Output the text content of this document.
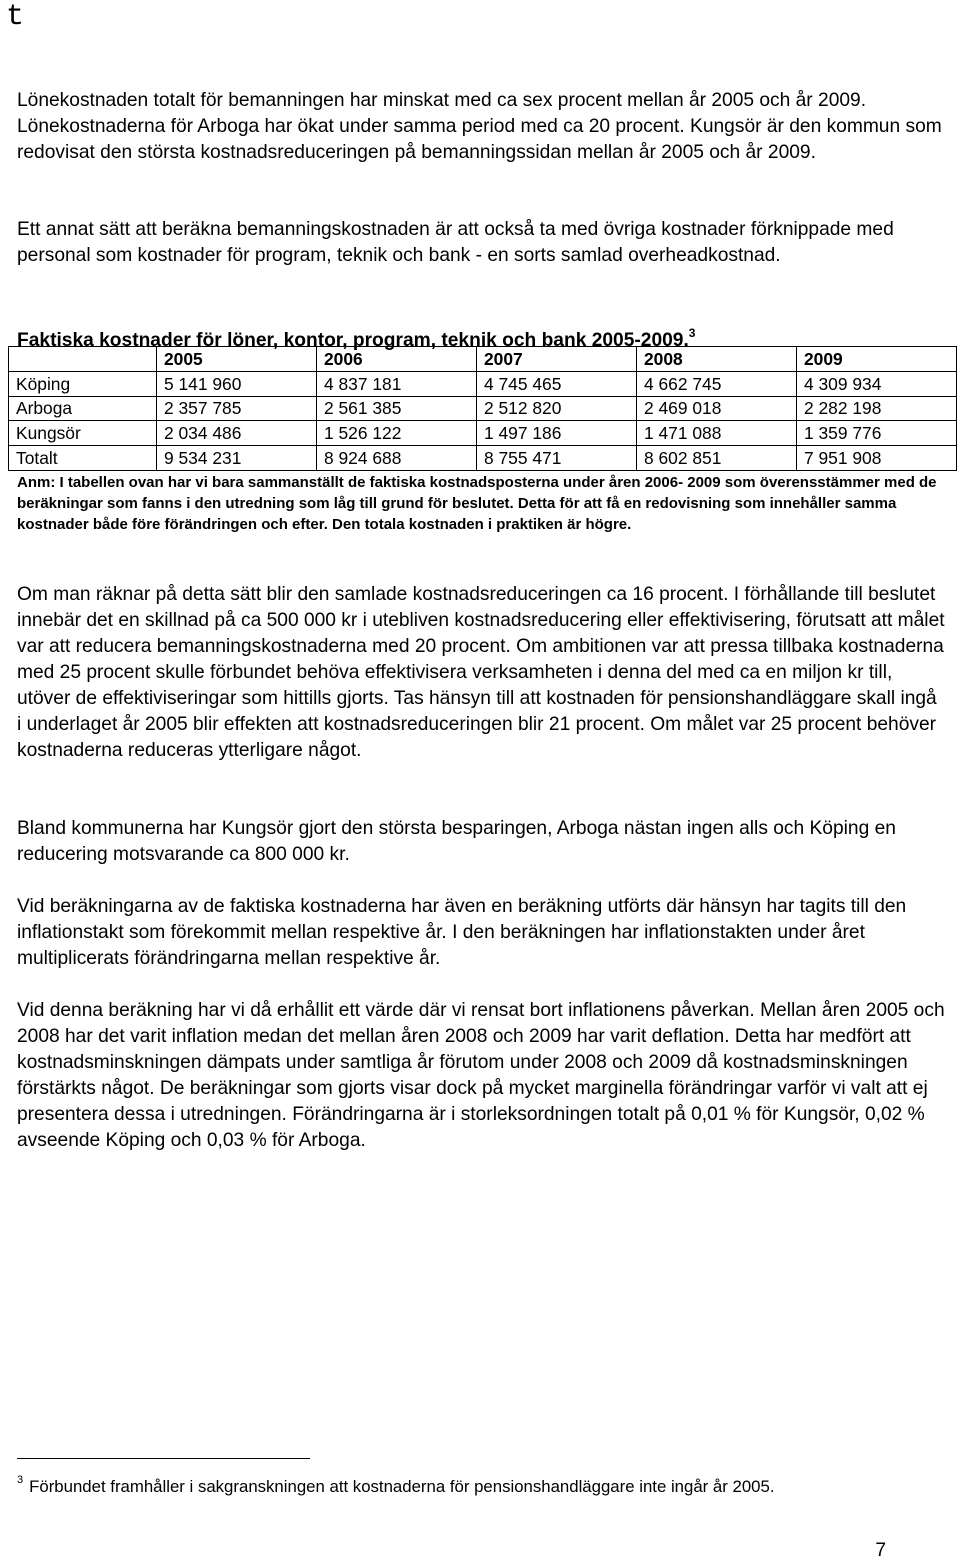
t

Lönekostnaden totalt för bemanningen har minskat med ca sex procent mellan år 2005 och år 2009. Lönekostnaderna för Arboga har ökat under samma period med ca 20 procent. Kungsör är den kommun som redovisat den största kostnadsreduceringen på bemanningssidan mellan år 2005 och år 2009.

Ett annat sätt att beräkna bemanningskostnaden är att också ta med övriga kostnader förknippade med personal som kostnader för program, teknik och bank - en sorts samlad overheadkostnad.

Faktiska kostnader för löner, kontor, program, teknik och bank 2005-2009.$^3$

	2005	2006	2007	2008	2009
Köping	5 141 960	4 837 181	4 745 465	4 662 745	4 309 934
Arboga	2 357 785	2 561 385	2 512 820	2 469 018	2 282 198
Kungsör	2 034 486	1 526 122	1 497 186	1 471 088	1 359 776
Totalt	9 534 231	8 924 688	8 755 471	8 602 851	7 951 908

Anm: I tabellen ovan har vi bara sammanställt de faktiska kostnadsposterna under åren 2006- 2009 som överensstämmer med de beräkningar som fanns i den utredning som låg till grund för beslutet. Detta för att få en redovisning som innehåller samma kostnader både före förändringen och efter. Den totala kostnaden i praktiken är högre.

Om man räknar på detta sätt blir den samlade kostnadsreduceringen ca 16 procent. I förhållande till beslutet innebär det en skillnad på ca 500 000 kr i utebliven kostnadsreducering eller effektivisering, förutsatt att målet var att reducera bemanningskostnaderna med 20 procent. Om ambitionen var att pressa tillbaka kostnaderna med 25 procent skulle förbundet behöva effektivisera verksamheten i denna del med ca en miljon kr till, utöver de effektiviseringar som hittills gjorts. Tas hänsyn till att kostnaden för pensionshandläggare skall ingå i underlaget år 2005 blir effekten att kostnadsreduceringen blir 21 procent. Om målet var 25 procent behöver kostnaderna reduceras ytterligare något.

Bland kommunerna har Kungsör gjort den största besparingen, Arboga nästan ingen alls och Köping en reducering motsvarande ca 800 000 kr.

Vid beräkningarna av de faktiska kostnaderna har även en beräkning utförts där hänsyn har tagits till den inflationstakt som förekommit mellan respektive år. I den beräkningen har inflationstakten under året multiplicerats förändringarna mellan respektive år.

Vid denna beräkning har vi då erhållit ett värde där vi rensat bort inflationens påverkan. Mellan åren 2005 och 2008 har det varit inflation medan det mellan åren 2008 och 2009 har varit deflation. Detta har medfört att kostnadsminskningen dämpats under samtliga år förutom under 2008 och 2009 då kostnadsminskningen förstärkts något. De beräkningar som gjorts visar dock på mycket marginella förändringar varför vi valt att ej presentera dessa i utredningen. Förändringarna är i storleksordningen totalt på 0,01 % för Kungsör, 0,02 % avseende Köping och 0,03 % för Arboga.

$^3$ Förbundet framhåller i sakgranskningen att kostnaderna för pensionshandläggare inte ingår år 2005.

7
